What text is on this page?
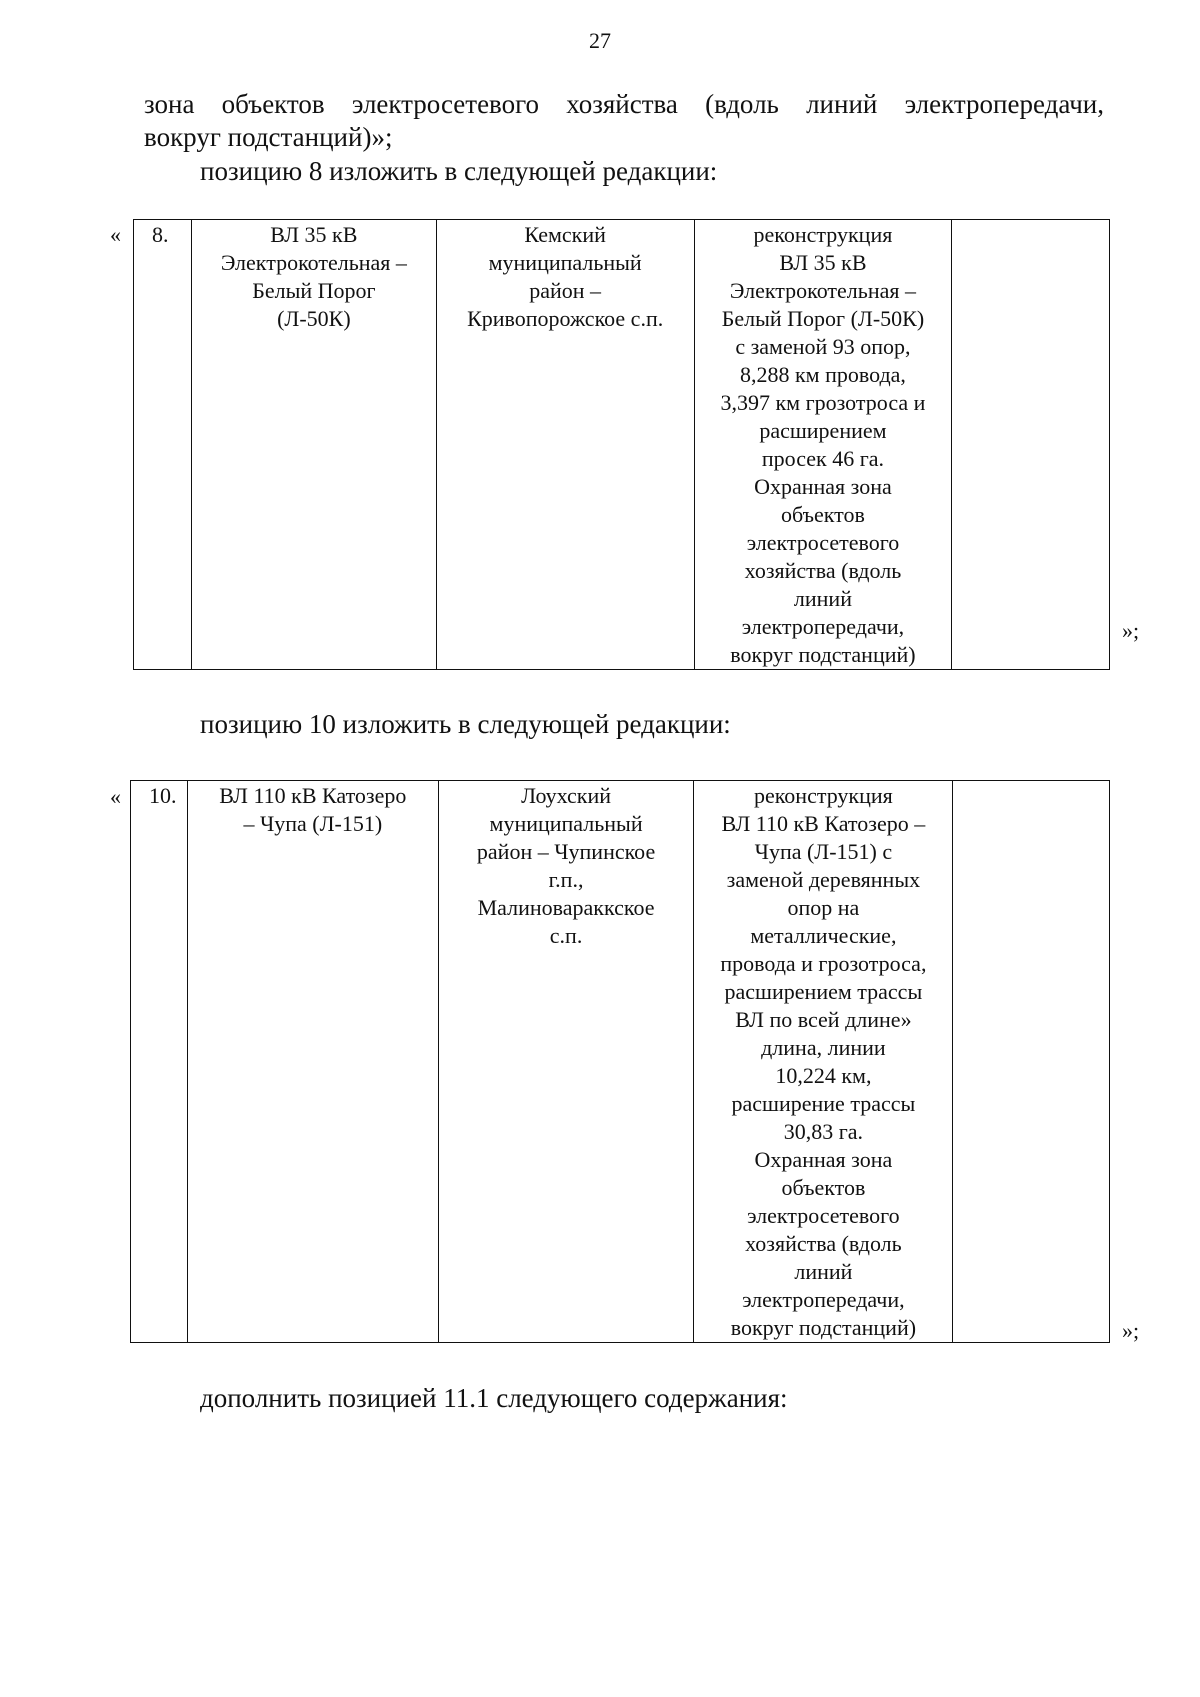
27
зона объектов электросетевого хозяйства (вдоль линий электропередачи,
вокруг подстанций)»;
позицию 8 изложить в следующей редакции:
« 8.	ВЛ 35 кВ
Электрокотельная –
Белый Порог
(Л-50К)	Кемский
муниципальный
район –
Кривопорожское с.п.	реконструкция
ВЛ 35 кВ
Электрокотельная –
Белый Порог (Л-50К)
с заменой 93 опор,
8,288 км провода,
3,397 км грозотроса и
расширением
просек 46 га.
Охранная зона
объектов
электросетевого
хозяйства (вдоль
линий
электропередачи,
вокруг подстанций)	
»;
позицию 10 изложить в следующей редакции:
« 10.	ВЛ 110 кВ Катозеро
– Чупа (Л-151)	Лоухский
муниципальный
район – Чупинское
г.п.,
Малиновараккское
с.п.	реконструкция
ВЛ 110 кВ Катозеро –
Чупа (Л-151) с
заменой деревянных
опор на
металлические,
провода и грозотроса,
расширением трассы
ВЛ по всей длине»
длина, линии
10,224 км,
расширение трассы
30,83 га.
Охранная зона
объектов
электросетевого
хозяйства (вдоль
линий
электропередачи,
вокруг подстанций)		»;
дополнить позицией 11.1 следующего содержания:
